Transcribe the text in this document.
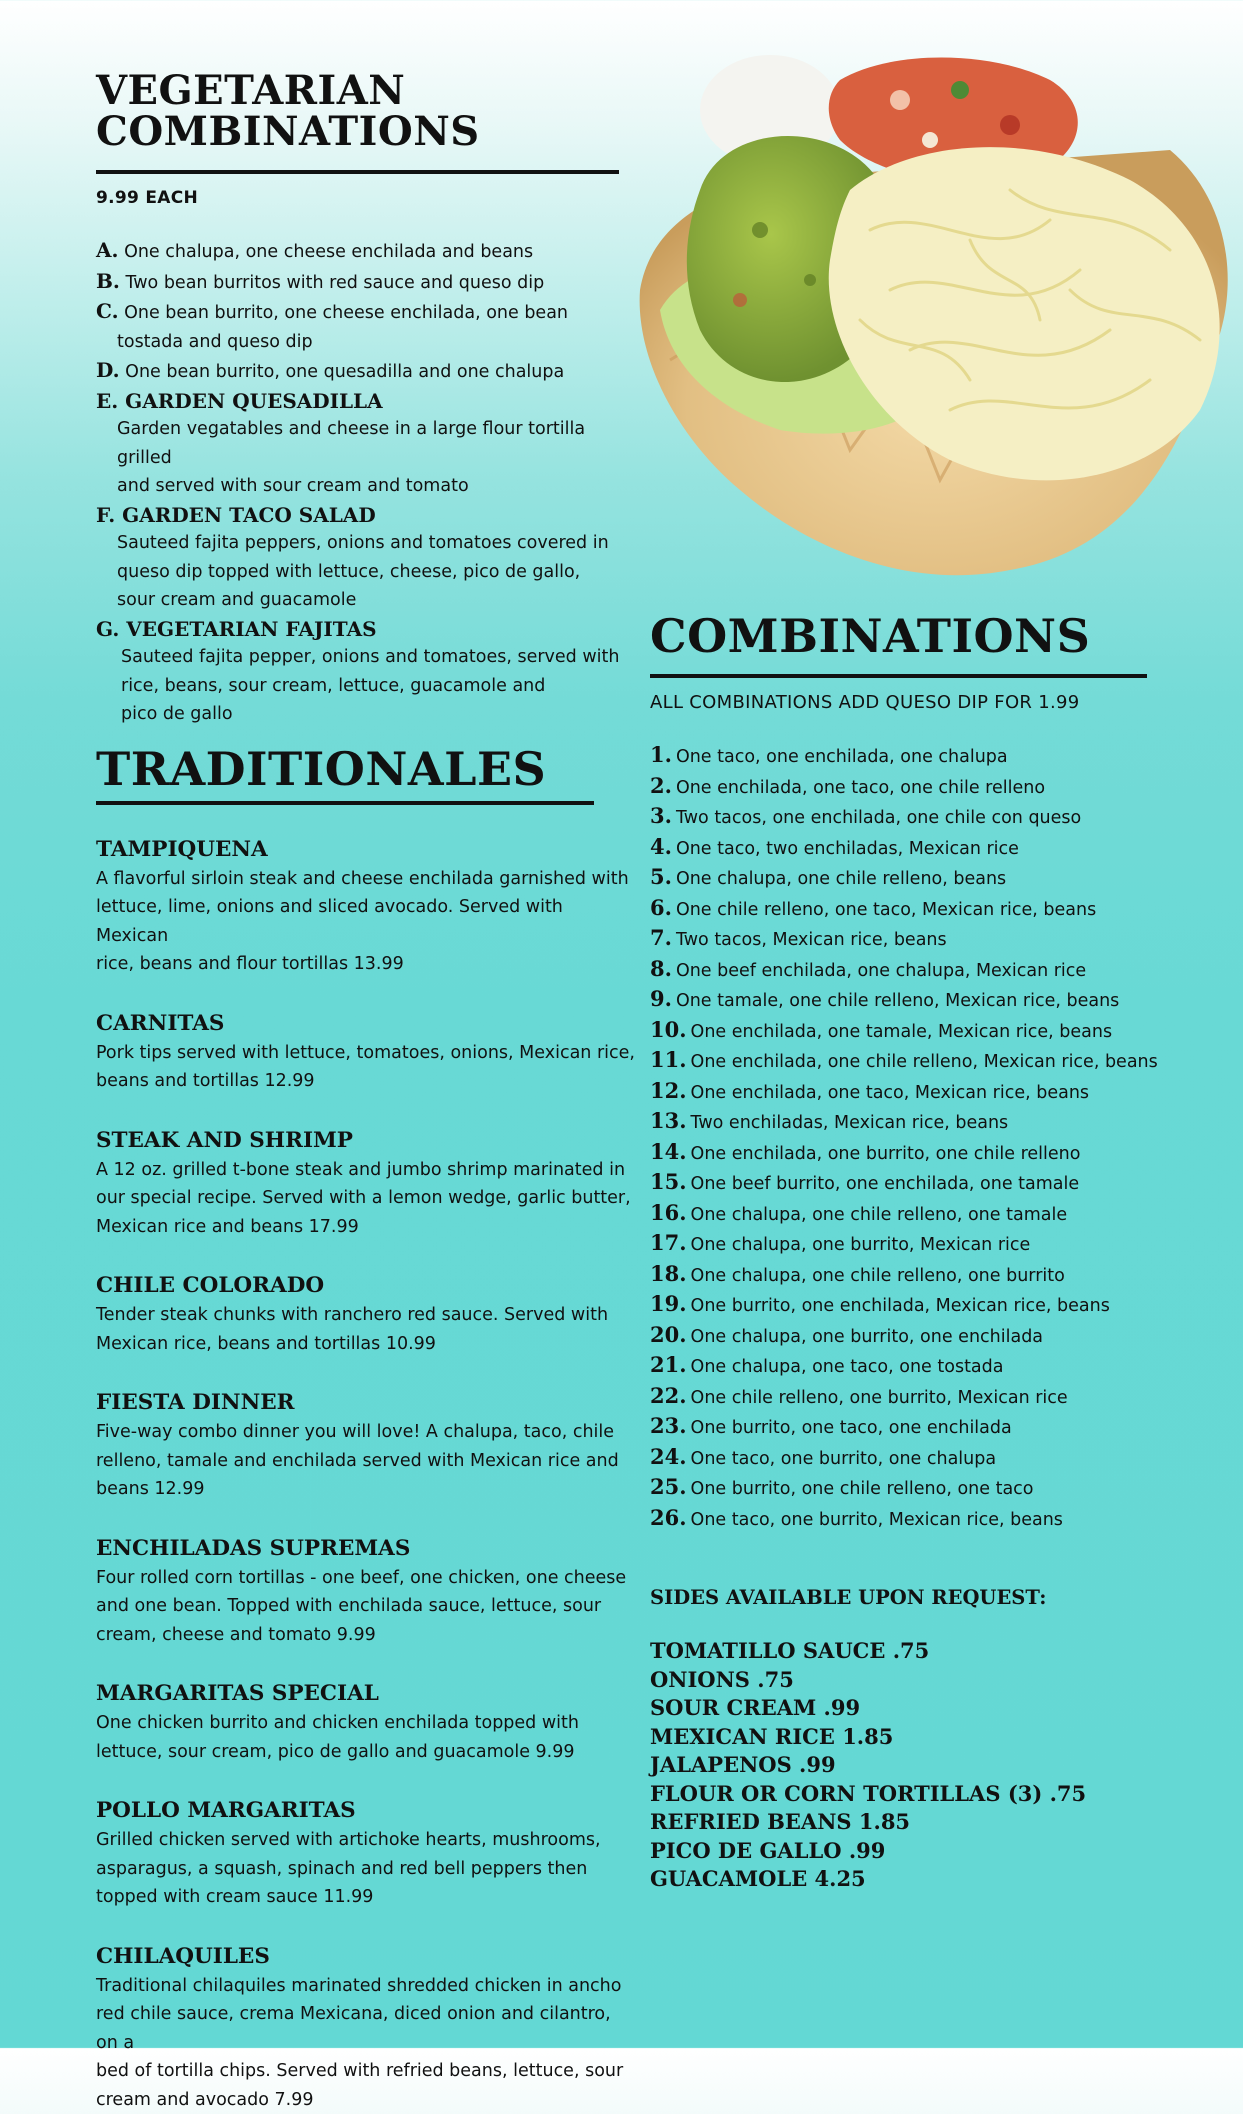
VEGETARIAN
COMBINATIONS
9.99 EACH
A. One chalupa, one cheese enchilada and beans
B. Two bean burritos with red sauce and queso dip
C. One bean burrito, one cheese enchilada, one bean
tostada and queso dip
D. One bean burrito, one quesadilla and one chalupa
E. GARDEN QUESADILLA
Garden vegatables and cheese in a large flour tortilla grilled
and served with sour cream and tomato
F. GARDEN TACO SALAD
Sauteed fajita peppers, onions and tomatoes covered in
queso dip topped with lettuce, cheese, pico de gallo,
sour cream and guacamole
G. VEGETARIAN FAJITAS
Sauteed fajita pepper, onions and tomatoes, served with
rice, beans, sour cream, lettuce, guacamole and
pico de gallo
TRADITIONALES
TAMPIQUENA
A flavorful sirloin steak and cheese enchilada garnished with
lettuce, lime, onions and sliced avocado. Served with Mexican
rice, beans and flour tortillas 13.99
CARNITAS
Pork tips served with lettuce, tomatoes, onions, Mexican rice,
beans and tortillas 12.99
STEAK AND SHRIMP
A 12 oz. grilled t-bone steak and jumbo shrimp marinated in
our special recipe. Served with a lemon wedge, garlic butter,
Mexican rice and beans 17.99
CHILE COLORADO
Tender steak chunks with ranchero red sauce. Served with
Mexican rice, beans and tortillas 10.99
FIESTA DINNER
Five-way combo dinner you will love! A chalupa, taco, chile
relleno, tamale and enchilada served with Mexican rice and
beans 12.99
ENCHILADAS SUPREMAS
Four rolled corn tortillas - one beef, one chicken, one cheese
and one bean. Topped with enchilada sauce, lettuce, sour
cream, cheese and tomato 9.99
MARGARITAS SPECIAL
One chicken burrito and chicken enchilada topped with
lettuce, sour cream, pico de gallo and guacamole 9.99
POLLO MARGARITAS
Grilled chicken served with artichoke hearts, mushrooms,
asparagus, a squash, spinach and red bell peppers then
topped with cream sauce 11.99
CHILAQUILES
Traditional chilaquiles marinated shredded chicken in ancho
red chile sauce, crema Mexicana, diced onion and cilantro, on a
bed of tortilla chips. Served with refried beans, lettuce, sour
cream and avocado 7.99
COMBINATIONS
ALL COMBINATIONS ADD QUESO DIP FOR 1.99
1. One taco, one enchilada, one chalupa
2. One enchilada, one taco, one chile relleno
3. Two tacos, one enchilada, one chile con queso
4. One taco, two enchiladas, Mexican rice
5. One chalupa, one chile relleno, beans
6. One chile relleno, one taco, Mexican rice, beans
7. Two tacos, Mexican rice, beans
8. One beef enchilada, one chalupa, Mexican rice
9. One tamale, one chile relleno, Mexican rice, beans
10. One enchilada, one tamale, Mexican rice, beans
11. One enchilada, one chile relleno, Mexican rice, beans
12. One enchilada, one taco, Mexican rice, beans
13. Two enchiladas, Mexican rice, beans
14. One enchilada, one burrito, one chile relleno
15. One beef burrito, one enchilada, one tamale
16. One chalupa, one chile relleno, one tamale
17. One chalupa, one burrito, Mexican rice
18. One chalupa, one chile relleno, one burrito
19. One burrito, one enchilada, Mexican rice, beans
20. One chalupa, one burrito, one enchilada
21. One chalupa, one taco, one tostada
22. One chile relleno, one burrito, Mexican rice
23. One burrito, one taco, one enchilada
24. One taco, one burrito, one chalupa
25. One burrito, one chile relleno, one taco
26. One taco, one burrito, Mexican rice, beans
SIDES AVAILABLE UPON REQUEST:
TOMATILLO SAUCE .75
ONIONS .75
SOUR CREAM .99
MEXICAN RICE 1.85
JALAPENOS .99
FLOUR OR CORN TORTILLAS (3) .75
REFRIED BEANS 1.85
PICO DE GALLO .99
GUACAMOLE 4.25
